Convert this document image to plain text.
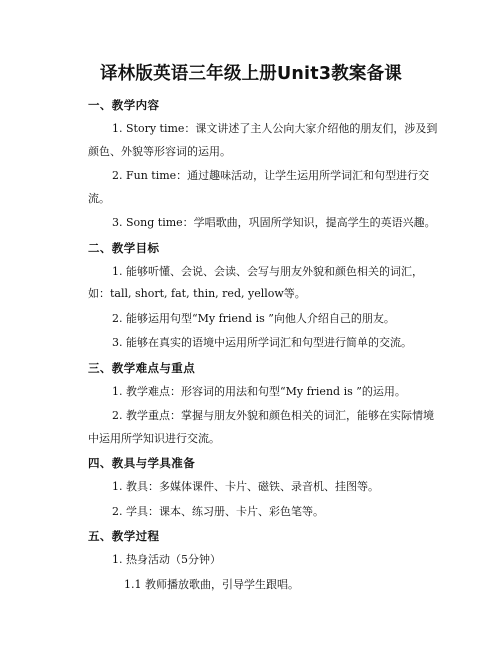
译林版英语三年级上册Unit3教案备课
一、教学内容
1. Story time：课文讲述了主人公向大家介绍他的朋友们，涉及到颜色、外貌等形容词的运用。
2. Fun time：通过趣味活动，让学生运用所学词汇和句型进行交流。
3. Song time：学唱歌曲，巩固所学知识，提高学生的英语兴趣。
二、教学目标
1. 能够听懂、会说、会读、会写与朋友外貌和颜色相关的词汇，如：tall, short, fat, thin, red, yellow等。
2. 能够运用句型“My friend is ”向他人介绍自己的朋友。
3. 能够在真实的语境中运用所学词汇和句型进行简单的交流。
三、教学难点与重点
1. 教学难点：形容词的用法和句型“My friend is ”的运用。
2. 教学重点：掌握与朋友外貌和颜色相关的词汇，能够在实际情境中运用所学知识进行交流。
四、教具与学具准备
1. 教具：多媒体课件、卡片、磁铁、录音机、挂图等。
2. 学具：课本、练习册、卡片、彩色笔等。
五、教学过程
1. 热身活动（5分钟）
1.1 教师播放歌曲，引导学生跟唱。
